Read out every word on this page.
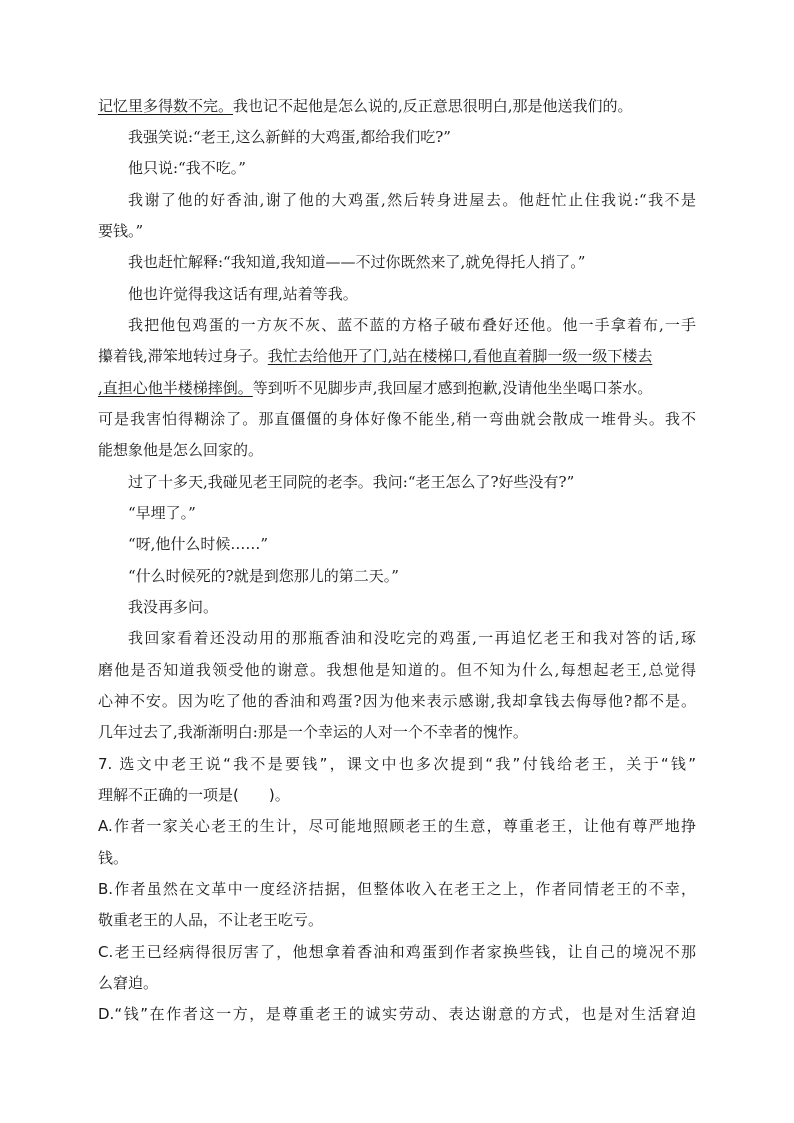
记忆里多得数不完。我也记不起他是怎么说的,反正意思很明白,那是他送我们的。
我强笑说:“老王,这么新鲜的大鸡蛋,都给我们吃?”
他只说:“我不吃。”
我谢了他的好香油,谢了他的大鸡蛋,然后转身进屋去。他赶忙止住我说:“我不是
要钱。”
我也赶忙解释:“我知道,我知道——不过你既然来了,就免得托人捎了。”
他也许觉得我这话有理,站着等我。
我把他包鸡蛋的一方灰不灰、蓝不蓝的方格子破布叠好还他。他一手拿着布,一手
攥着钱,滞笨地转过身子。我忙去给他开了门,站在楼梯口,看他直着脚一级一级下楼去
,直担心他半楼梯摔倒。等到听不见脚步声,我回屋才感到抱歉,没请他坐坐喝口茶水。
可是我害怕得糊涂了。那直僵僵的身体好像不能坐,稍一弯曲就会散成一堆骨头。我不
能想象他是怎么回家的。
过了十多天,我碰见老王同院的老李。我问:“老王怎么了?好些没有?”
“早埋了。”
“呀,他什么时候……”
“什么时候死的?就是到您那儿的第二天。”
我没再多问。
我回家看着还没动用的那瓶香油和没吃完的鸡蛋,一再追忆老王和我对答的话,琢
磨他是否知道我领受他的谢意。我想他是知道的。但不知为什么,每想起老王,总觉得
心神不安。因为吃了他的香油和鸡蛋?因为他来表示感谢,我却拿钱去侮辱他?都不是。
几年过去了,我渐渐明白:那是一个幸运的人对一个不幸者的愧怍。
7. 选文中老王说“我不是要钱”，课文中也多次提到“我”付钱给老王，关于“钱”
理解不正确的一项是(　　)。
A.作者一家关心老王的生计，尽可能地照顾老王的生意，尊重老王，让他有尊严地挣
钱。
B.作者虽然在文革中一度经济拮据，但整体收入在老王之上，作者同情老王的不幸，
敬重老王的人品，不让老王吃亏。
C.老王已经病得很厉害了，他想拿着香油和鸡蛋到作者家换些钱，让自己的境况不那
么窘迫。
D.“钱”在作者这一方，是尊重老王的诚实劳动、表达谢意的方式，也是对生活窘迫
